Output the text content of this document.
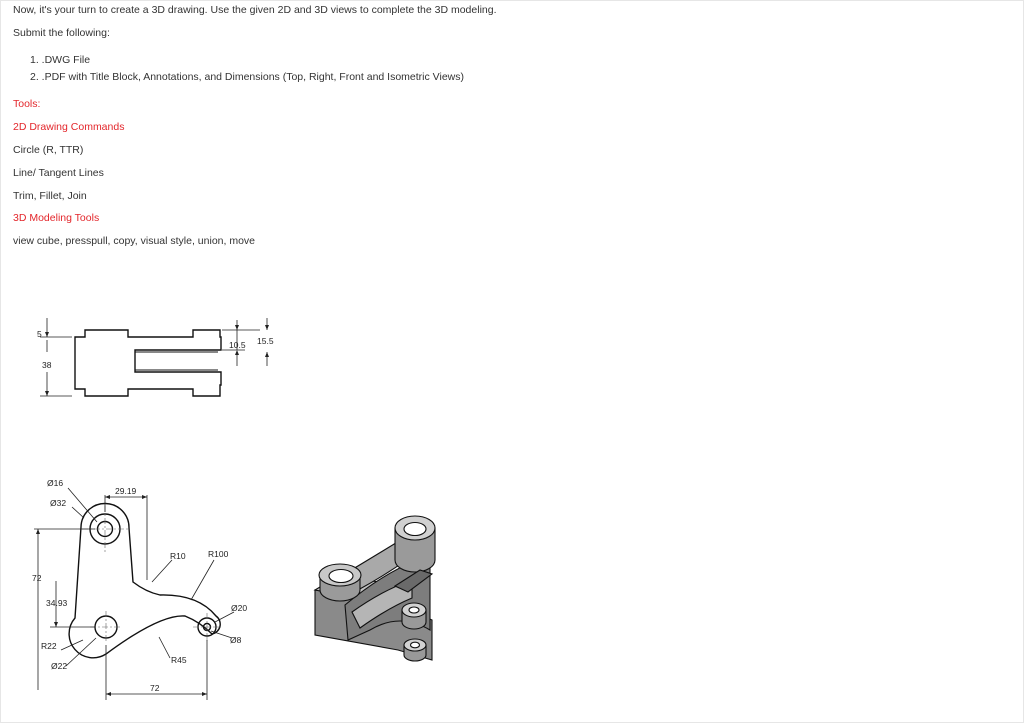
Now, it's your turn to create a 3D drawing. Use the given 2D and 3D views to complete the 3D modeling.
Submit the following:
1. .DWG File
2. .PDF with Title Block, Annotations, and Dimensions (Top, Right, Front and Isometric Views)
Tools:
2D Drawing Commands
Circle (R, TTR)
Line/ Tangent Lines
Trim, Fillet, Join
3D Modeling Tools
view cube, presspull, copy, visual style, union, move
5
38
10.5 15.5
Ø16
Ø32
29.19
R10	R100
72
34.93	Ø20
Ø8
R22
Ø22
R45
72
